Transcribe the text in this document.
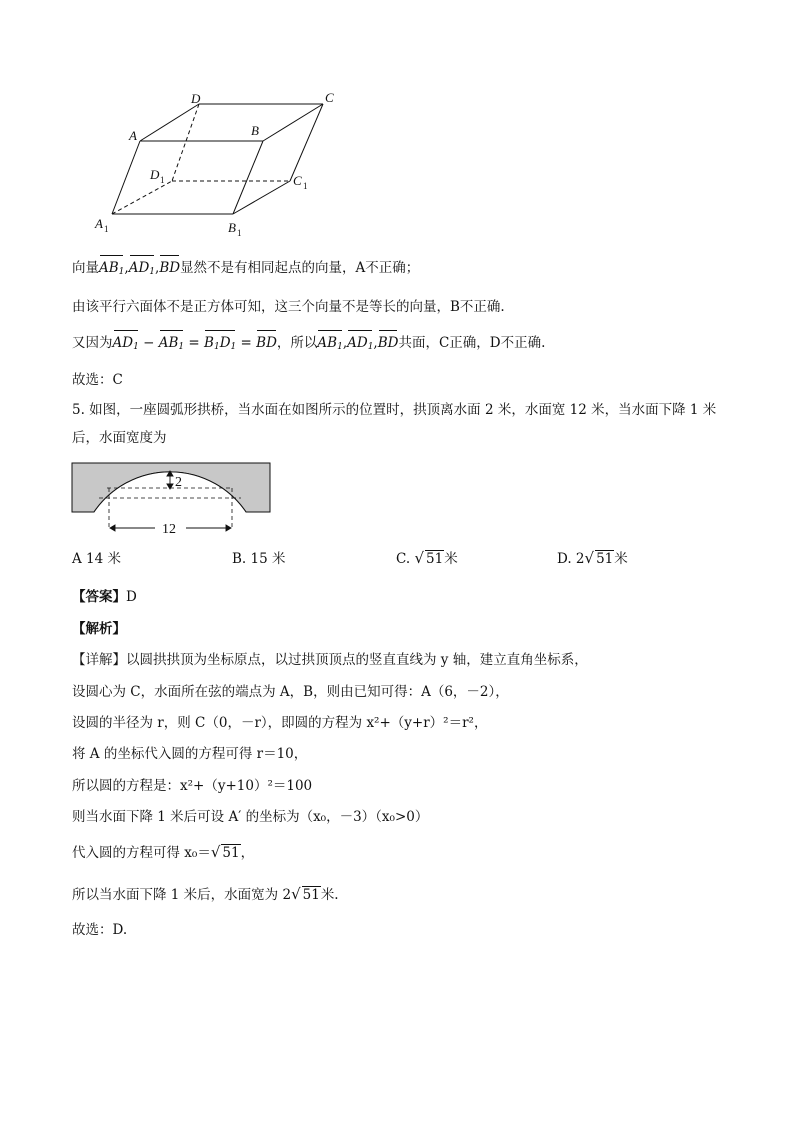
D	C
A	B
D	C
A	B
1
1
1	1
向量$AB_1,AD_1,BD$显然不是有相同起点的向量，A不正确；
由该平行六面体不是正方体可知，这三个向量不是等长的向量，B不正确.
又因为$AD_1 - AB_1 = B_1D_1$ = BD，所以$AB_1,AD_1,BD$共面，C正确，D不正确.
故选：C
5. 如图，一座圆弧形拱桥，当水面在如图所示的位置时，拱顶离水面 2 米，水面宽 12 米，当水面下降 1 米
后，水面宽度为
2
12
A 14 米	B. 15 米	C. √ 51米	D. 2√ 51米
【答案】D
【解析】
【详解】以圆拱拱顶为坐标原点，以过拱顶顶点的竖直直线为 y 轴，建立直角坐标系，
设圆心为 C，水面所在弦的端点为 A，B，则由已知可得：A（6，－2），
设圆的半径为 r，则 C（0，－r），即圆的方程为 x²+（y+r）²＝r²，
将 A 的坐标代入圆的方程可得 r＝10，
所以圆的方程是：x²+（y+10）²＝100
则当水面下降 1 米后可设 A′ 的坐标为（x₀，－3）（x₀>0）
代入圆的方程可得 x₀＝√ 51，
所以当水面下降 1 米后，水面宽为 2√ 51米.
故选：D.
